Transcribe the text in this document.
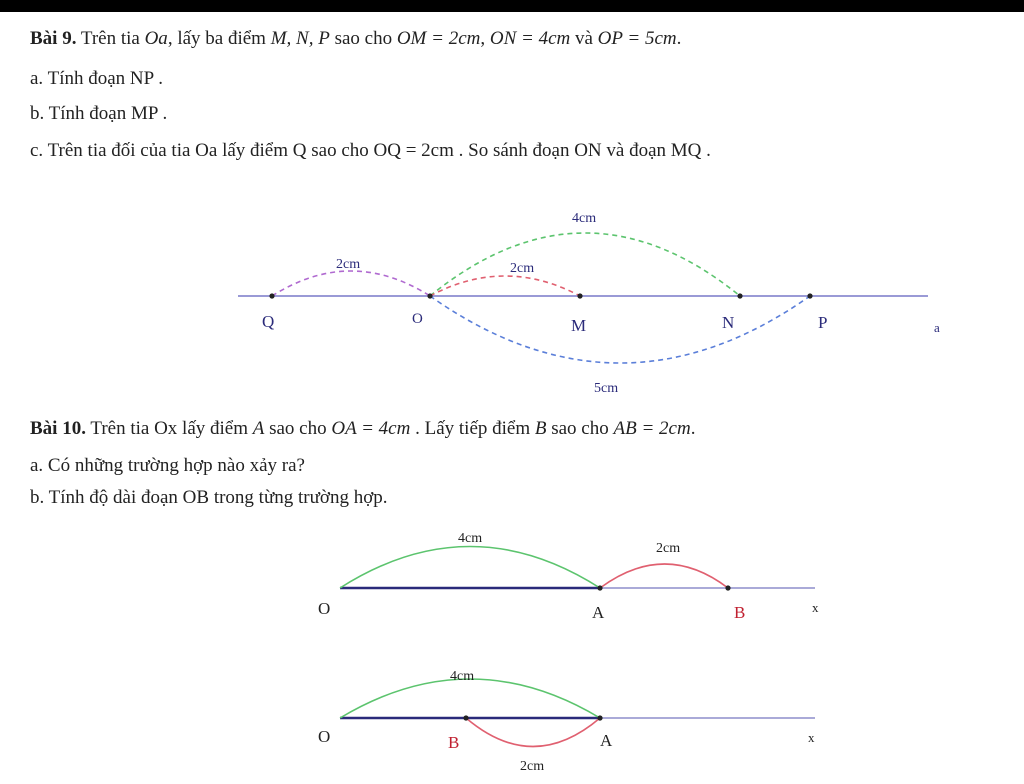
Bài 9. Trên tia Oa, lấy ba điểm M, N, P sao cho OM = 2cm, ON = 4cm và OP = 5cm.
a. Tính đoạn NP .
b. Tính đoạn MP .
c. Trên tia đối của tia Oa lấy điểm Q sao cho OQ = 2cm . So sánh đoạn ON và đoạn MQ .
Bài 10. Trên tia Ox lấy điểm A sao cho OA = 4cm . Lấy tiếp điểm B sao cho AB = 2cm.
a. Có những trường hợp nào xảy ra?
b. Tính độ dài đoạn OB trong từng trường hợp.
Q	O	M	N	P	a
4cm
2cm	2cm
5cm
O	A	B	x
4cm
2cm
O	B	A	x
4cm
2cm
